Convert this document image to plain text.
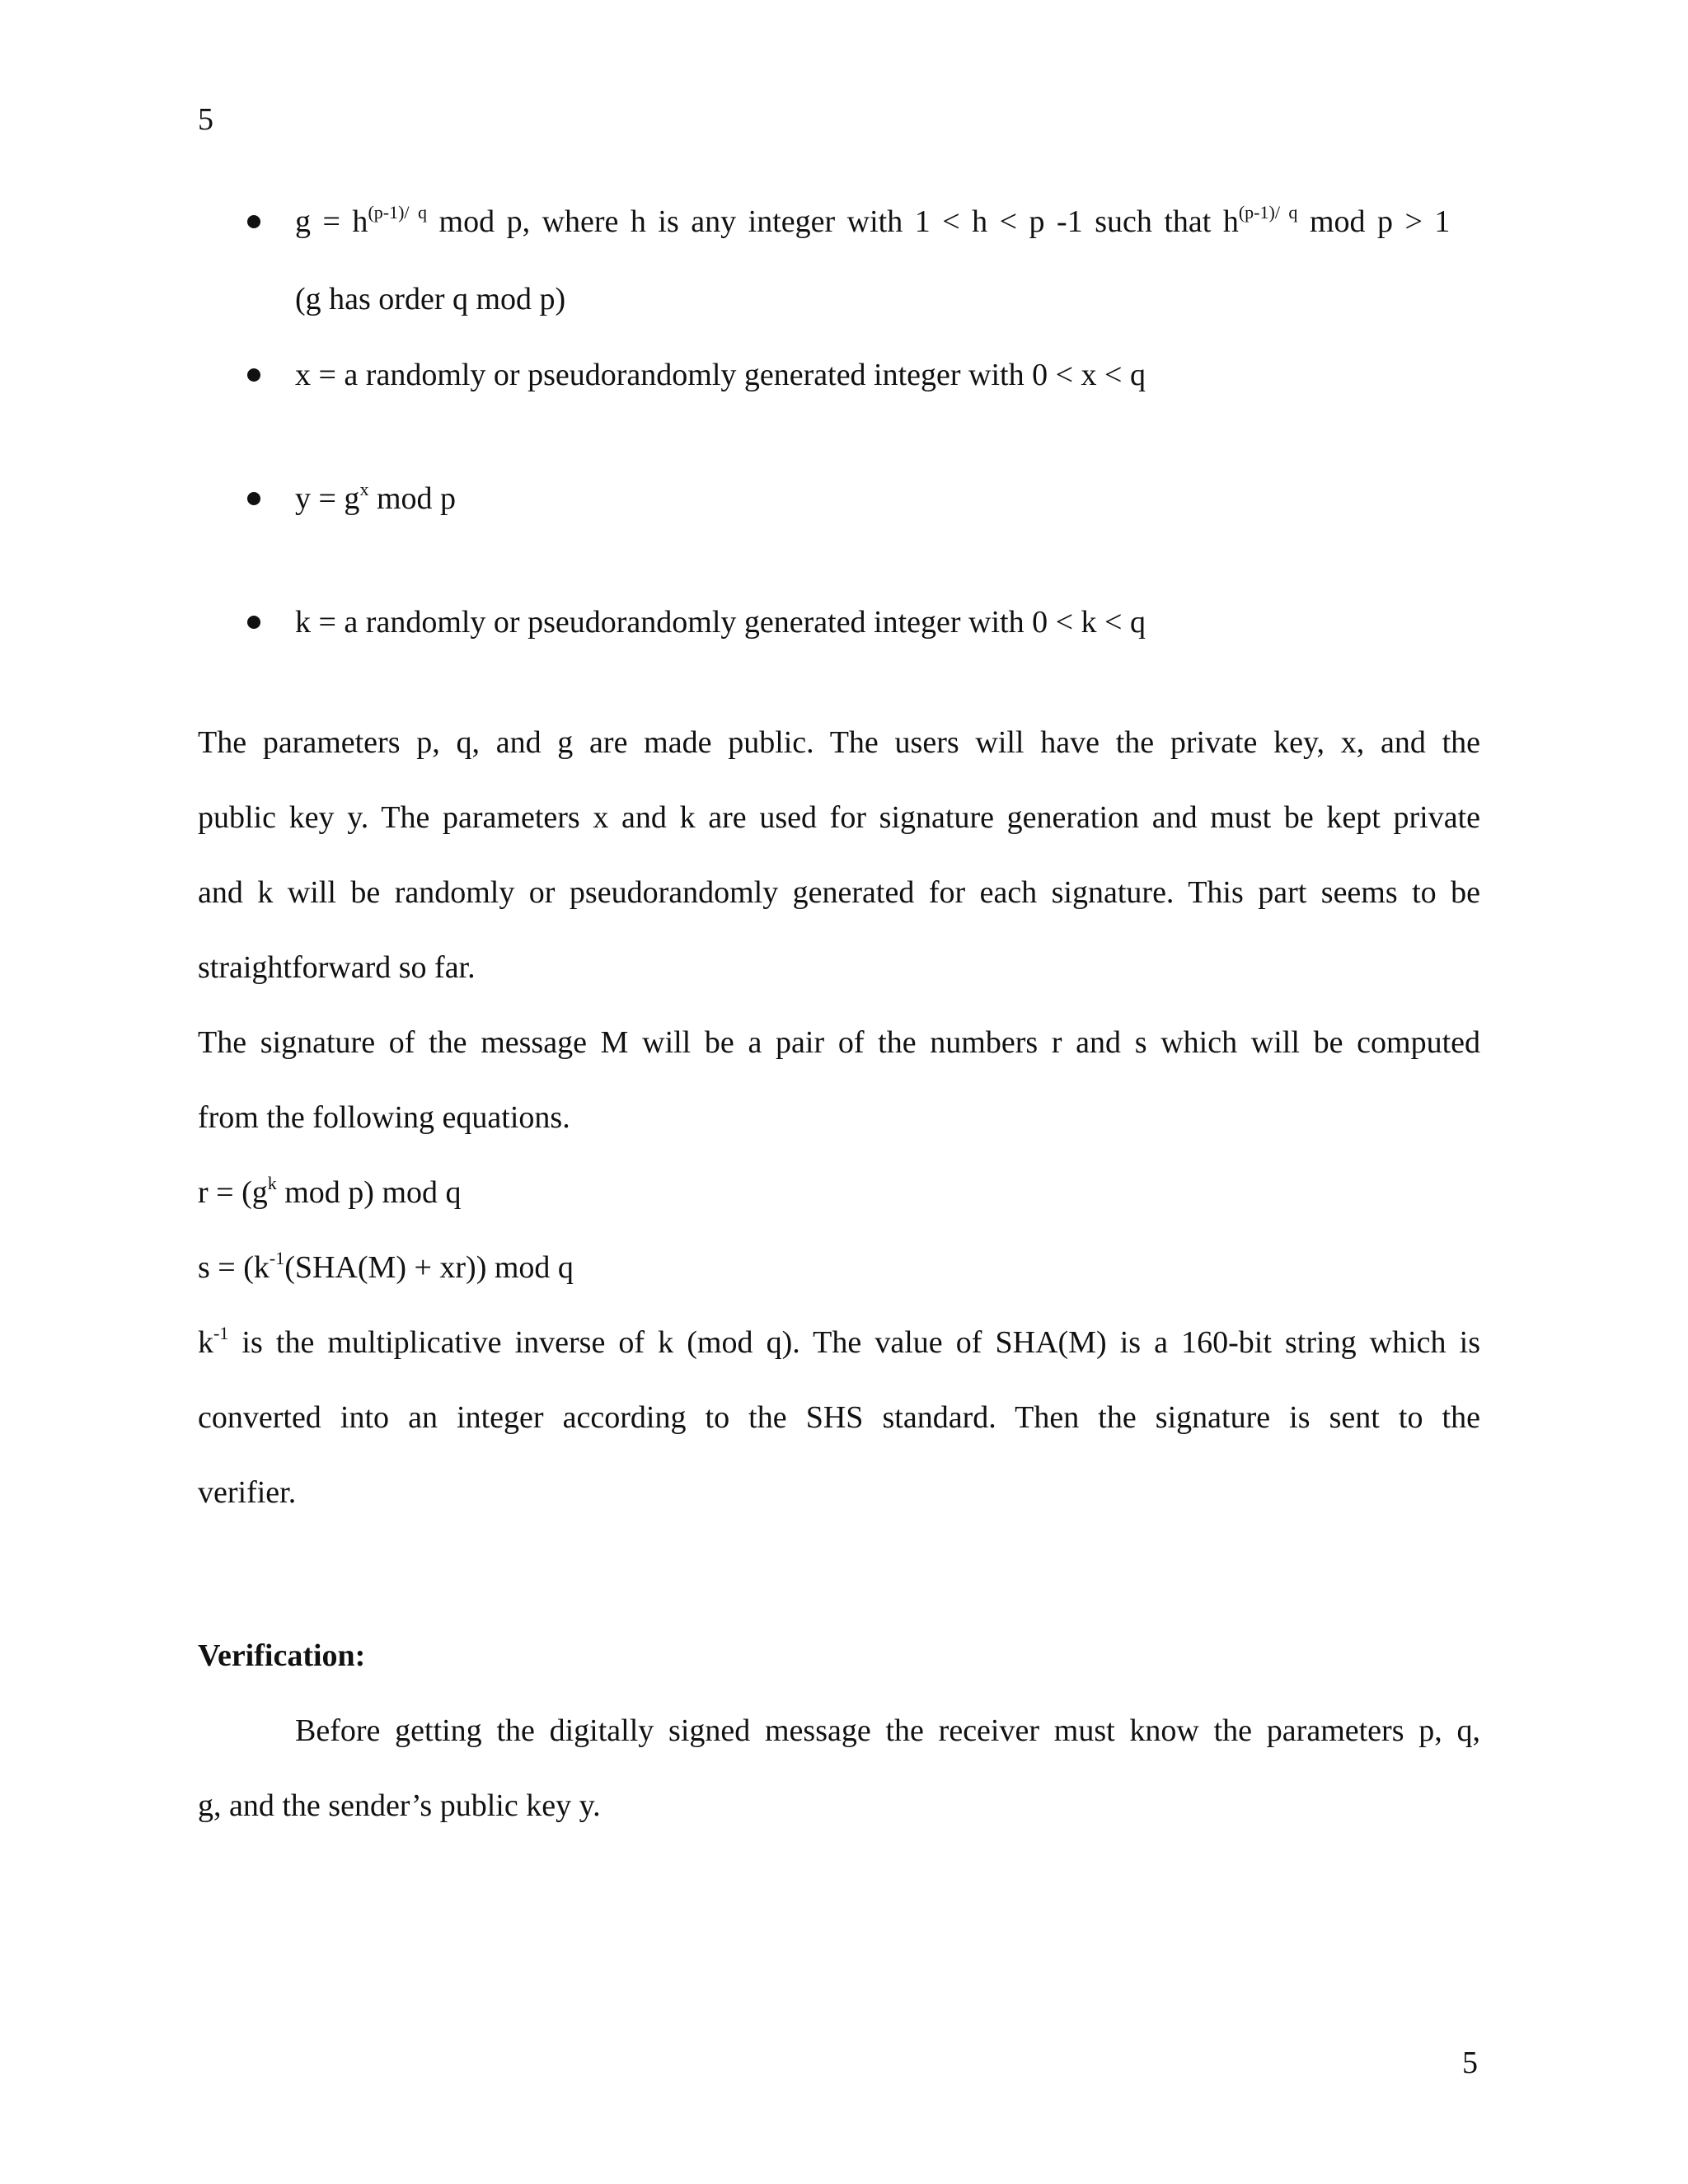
5
$g = h^{(p-1)/ q}$ mod p, where h is any integer with 1 < h < p -1 such that $h^{(p-1)/ q}$ mod p > 1
(g has order q mod p)
x = a randomly or pseudorandomly generated integer with 0 < x < q
$y = g^x$ mod p
k = a randomly or pseudorandomly generated integer with 0 < k < q
The parameters p, q, and g are made public. The users will have the private key, x, and the
public key y. The parameters x and k are used for signature generation and must be kept private
and k will be randomly or pseudorandomly generated for each signature. This part seems to be
straightforward so far.
The signature of the message M will be a pair of the numbers r and s which will be computed
from the following equations.
$r = (g^k$ mod p) mod q
$s = (k^{-1}(SHA(M) + xr))$ mod q
$k^{-1}$ is the multiplicative inverse of k (mod q). The value of SHA(M) is a 160-bit string which is
converted into an integer according to the SHS standard. Then the signature is sent to the
verifier.
Verification:
Before getting the digitally signed message the receiver must know the parameters p, q,
g, and the sender’s public key y.
5
